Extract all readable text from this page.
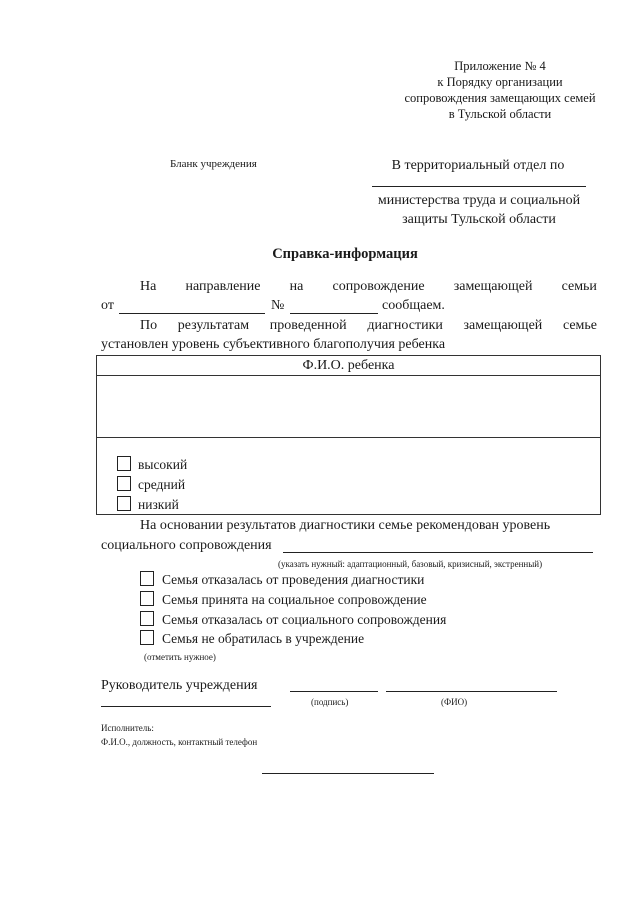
Приложение № 4
к Порядку организации
сопровождения замещающих семей
в Тульской области
Бланк учреждения	В территориальный отдел по
министерства труда и социальной
защиты Тульской области
Справка-информация
На направление на сопровождение замещающей семьи
от	№	сообщаем.
По результатам проведенной диагностики замещающей семье
установлен уровень субъективного благополучия ребенка
Ф.И.О. ребенка
высокий
средний
низкий
На основании результатов диагностики семье рекомендован уровень
социального сопровождения
(указать нужный: адаптационный, базовый, кризисный, экстренный)
Семья отказалась от проведения диагностики
Семья принята на социальное сопровождение
Семья отказалась от социального сопровождения
Семья не обратилась в учреждение
(отметить нужное)
Руководитель учреждения
(подпись)	(ФИО)
Исполнитель:
Ф.И.О., должность, контактный телефон
